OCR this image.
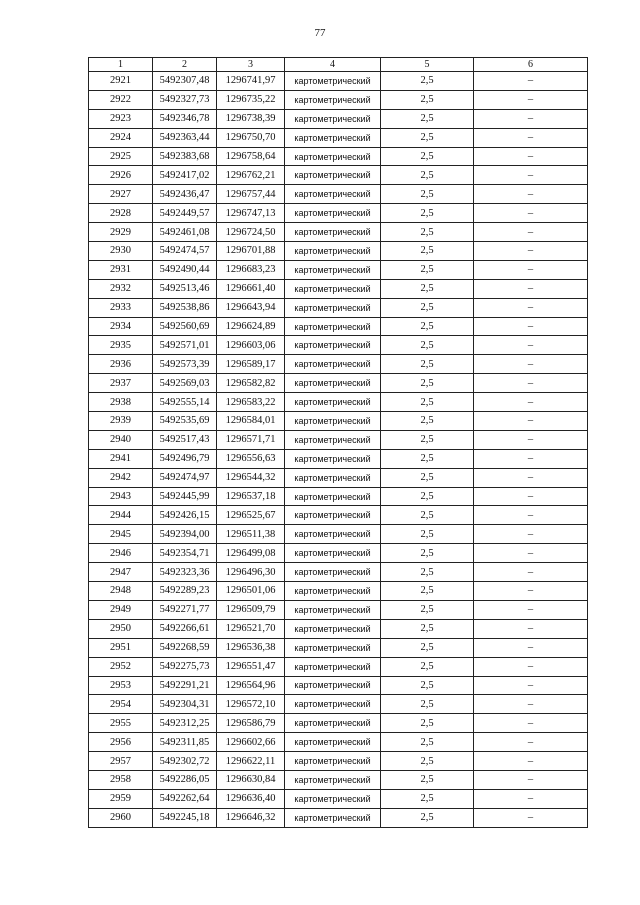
77
1	2	3	4	5	6
2921	5492307,48	1296741,97	картометрический	2,5	–
2922	5492327,73	1296735,22	картометрический	2,5	–
2923	5492346,78	1296738,39	картометрический	2,5	–
2924	5492363,44	1296750,70	картометрический	2,5	–
2925	5492383,68	1296758,64	картометрический	2,5	–
2926	5492417,02	1296762,21	картометрический	2,5	–
2927	5492436,47	1296757,44	картометрический	2,5	–
2928	5492449,57	1296747,13	картометрический	2,5	–
2929	5492461,08	1296724,50	картометрический	2,5	–
2930	5492474,57	1296701,88	картометрический	2,5	–
2931	5492490,44	1296683,23	картометрический	2,5	–
2932	5492513,46	1296661,40	картометрический	2,5	–
2933	5492538,86	1296643,94	картометрический	2,5	–
2934	5492560,69	1296624,89	картометрический	2,5	–
2935	5492571,01	1296603,06	картометрический	2,5	–
2936	5492573,39	1296589,17	картометрический	2,5	–
2937	5492569,03	1296582,82	картометрический	2,5	–
2938	5492555,14	1296583,22	картометрический	2,5	–
2939	5492535,69	1296584,01	картометрический	2,5	–
2940	5492517,43	1296571,71	картометрический	2,5	–
2941	5492496,79	1296556,63	картометрический	2,5	–
2942	5492474,97	1296544,32	картометрический	2,5	–
2943	5492445,99	1296537,18	картометрический	2,5	–
2944	5492426,15	1296525,67	картометрический	2,5	–
2945	5492394,00	1296511,38	картометрический	2,5	–
2946	5492354,71	1296499,08	картометрический	2,5	–
2947	5492323,36	1296496,30	картометрический	2,5	–
2948	5492289,23	1296501,06	картометрический	2,5	–
2949	5492271,77	1296509,79	картометрический	2,5	–
2950	5492266,61	1296521,70	картометрический	2,5	–
2951	5492268,59	1296536,38	картометрический	2,5	–
2952	5492275,73	1296551,47	картометрический	2,5	–
2953	5492291,21	1296564,96	картометрический	2,5	–
2954	5492304,31	1296572,10	картометрический	2,5	–
2955	5492312,25	1296586,79	картометрический	2,5	–
2956	5492311,85	1296602,66	картометрический	2,5	–
2957	5492302,72	1296622,11	картометрический	2,5	–
2958	5492286,05	1296630,84	картометрический	2,5	–
2959	5492262,64	1296636,40	картометрический	2,5	–
2960	5492245,18	1296646,32	картометрический	2,5	–
